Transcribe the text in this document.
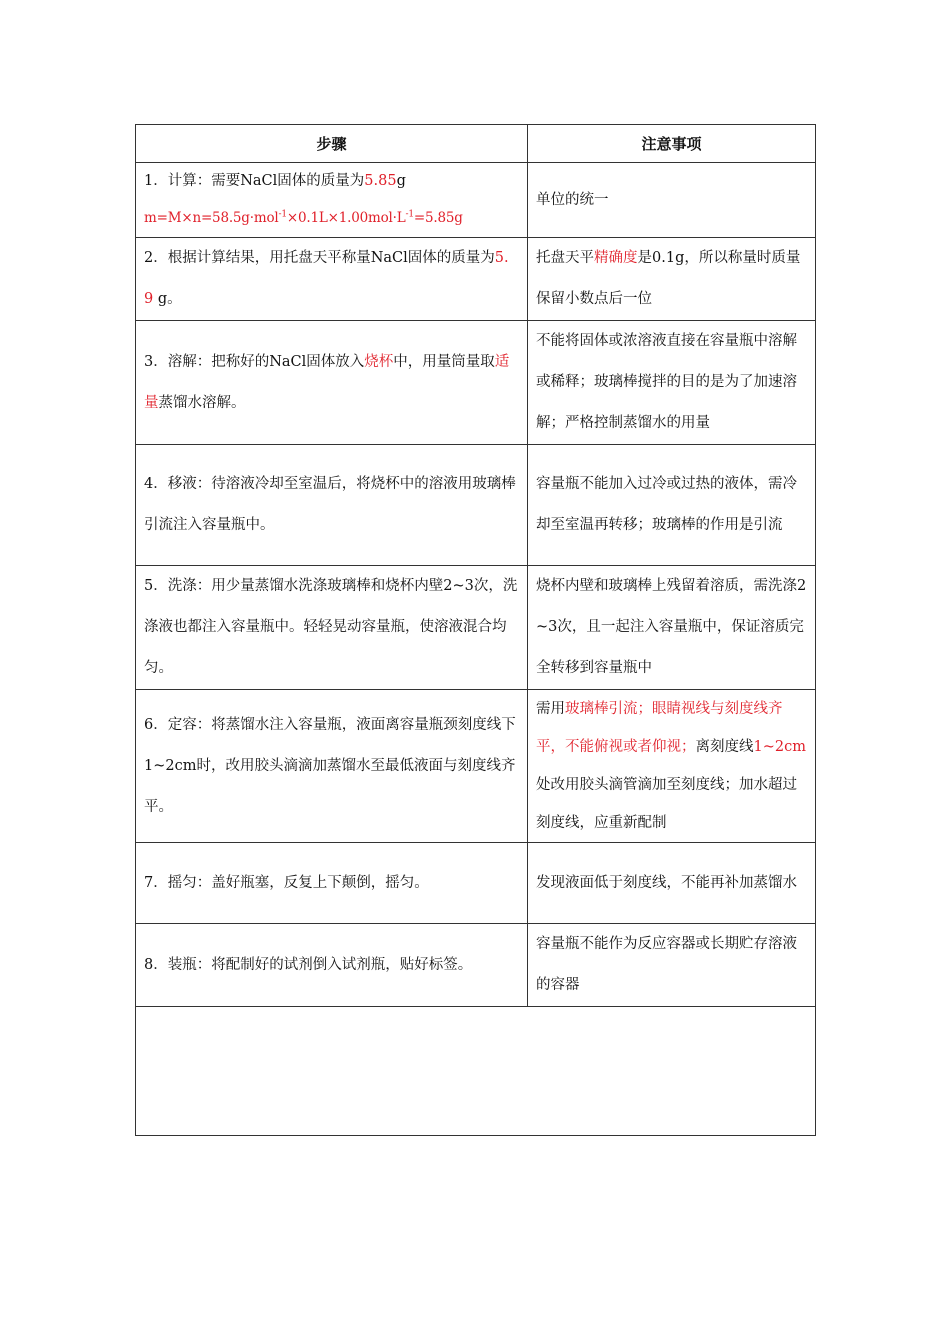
步骤	注意事项
1．计算：需要NaCl固体的质量为5.85g
$m=M\times n=58.5g\cdot mol^{-1}\times 0.1L\times 1.00mol\cdot L^{-1}=5.85g$	单位的统一
2．根据计算结果，用托盘天平称量NaCl固体的质量为5.9 g。	托盘天平精确度是0.1g，所以称量时质量保留小数点后一位
3．溶解：把称好的NaCl固体放入烧杯中，用量筒量取适量蒸馏水溶解。	不能将固体或浓溶液直接在容量瓶中溶解或稀释；玻璃棒搅拌的目的是为了加速溶解；严格控制蒸馏水的用量
4．移液：待溶液冷却至室温后，将烧杯中的溶液用玻璃棒引流注入容量瓶中。	容量瓶不能加入过冷或过热的液体，需冷却至室温再转移；玻璃棒的作用是引流
5．洗涤：用少量蒸馏水洗涤玻璃棒和烧杯内壁2~3次，洗涤液也都注入容量瓶中。轻轻晃动容量瓶，使溶液混合均匀。	烧杯内壁和玻璃棒上残留着溶质，需洗涤2~3次，且一起注入容量瓶中，保证溶质完全转移到容量瓶中
6．定容：将蒸馏水注入容量瓶，液面离容量瓶颈刻度线下1~2cm时，改用胶头滴滴加蒸馏水至最低液面与刻度线齐平。	需用玻璃棒引流；眼睛视线与刻度线齐平，不能俯视或者仰视；离刻度线1~2cm处改用胶头滴管滴加至刻度线；加水超过刻度线，应重新配制
7．摇匀：盖好瓶塞，反复上下颠倒，摇匀。	发现液面低于刻度线，不能再补加蒸馏水
8．装瓶：将配制好的试剂倒入试剂瓶，贴好标签。	容量瓶不能作为反应容器或长期贮存溶液的容器
